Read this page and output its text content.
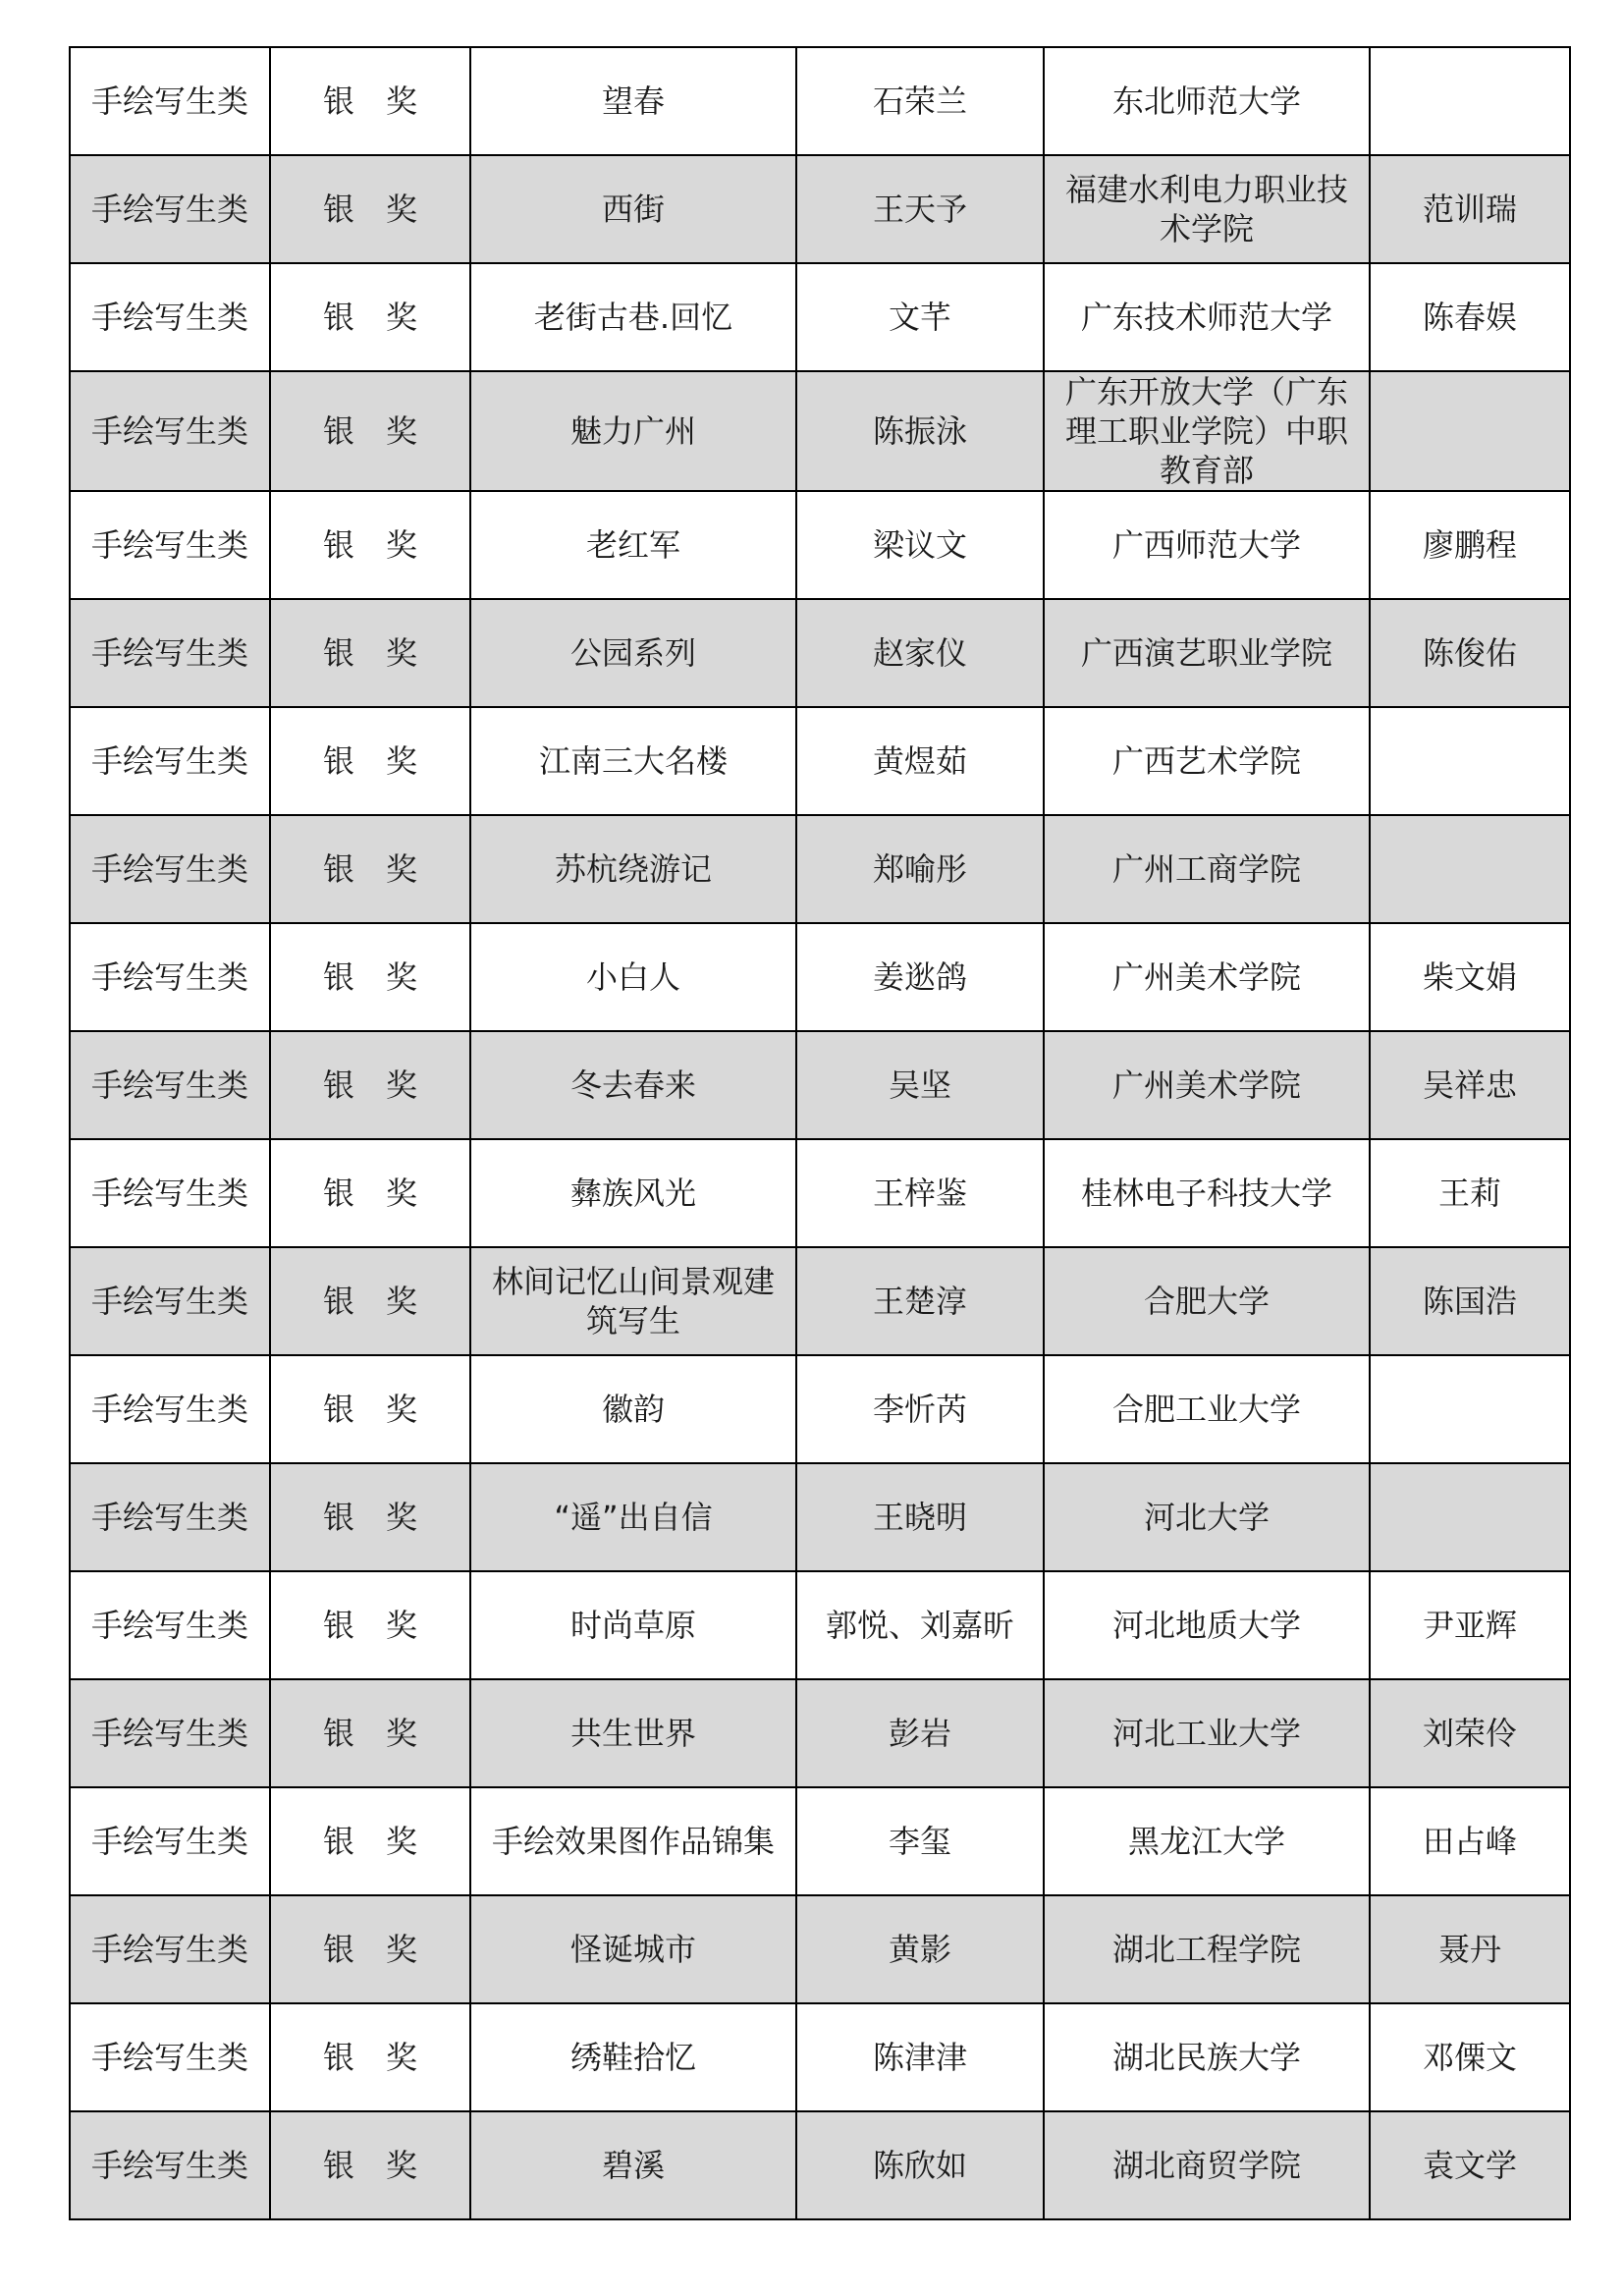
手绘写生类	银　奖	望春	石荣兰	东北师范大学	
手绘写生类	银　奖	西街	王天予	福建水利电力职业技术学院	范训瑞
手绘写生类	银　奖	老街古巷.回忆	文芊	广东技术师范大学	陈春娱
手绘写生类	银　奖	魅力广州	陈振泳	广东开放大学（广东理工职业学院）中职教育部	
手绘写生类	银　奖	老红军	梁议文	广西师范大学	廖鹏程
手绘写生类	银　奖	公园系列	赵家仪	广西演艺职业学院	陈俊佑
手绘写生类	银　奖	江南三大名楼	黄煜茹	广西艺术学院	
手绘写生类	银　奖	苏杭绕游记	郑喻彤	广州工商学院	
手绘写生类	银　奖	小白人	姜逖鸽	广州美术学院	柴文娟
手绘写生类	银　奖	冬去春来	吴坚	广州美术学院	吴祥忠
手绘写生类	银　奖	彝族风光	王梓鉴	桂林电子科技大学	王莉
手绘写生类	银　奖	林间记忆山间景观建筑写生	王楚淳	合肥大学	陈国浩
手绘写生类	银　奖	徽韵	李忻芮	合肥工业大学	
手绘写生类	银　奖	“遥”出自信	王晓明	河北大学	
手绘写生类	银　奖	时尚草原	郭悦、刘嘉昕	河北地质大学	尹亚辉
手绘写生类	银　奖	共生世界	彭岩	河北工业大学	刘荣伶
手绘写生类	银　奖	手绘效果图作品锦集	李玺	黑龙江大学	田占峰
手绘写生类	银　奖	怪诞城市	黄影	湖北工程学院	聂丹
手绘写生类	银　奖	绣鞋拾忆	陈津津	湖北民族大学	邓傈文
手绘写生类	银　奖	碧溪	陈欣如	湖北商贸学院	袁文学
